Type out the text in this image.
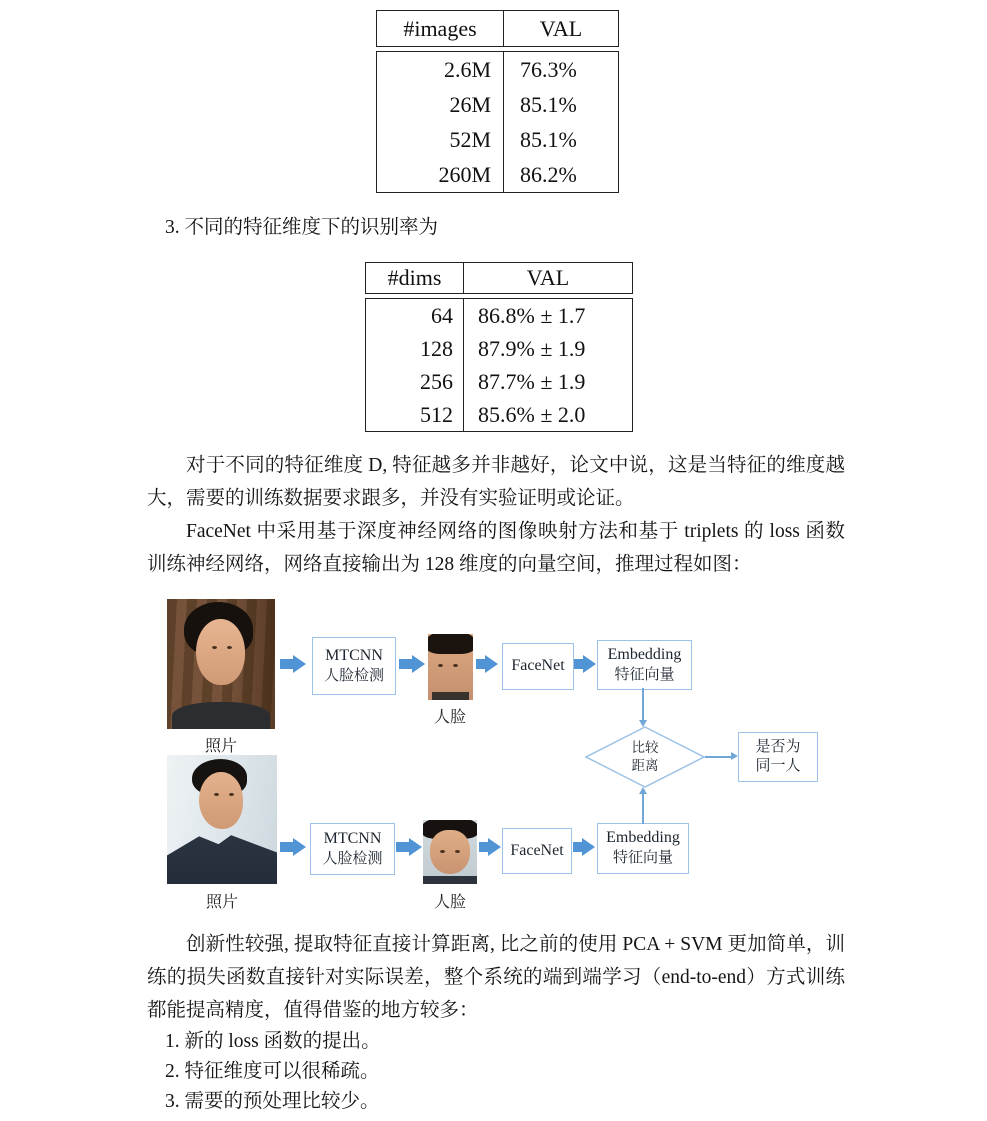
#images	VAL
2.6M	76.3%
26M	85.1%
52M	85.1%
260M	86.2%
3. 不同的特征维度下的识别率为
#dims	VAL
64	86.8% ± 1.7
128	87.9% ± 1.9
256	87.7% ± 1.9
512	85.6% ± 2.0
对于不同的特征维度 D, 特征越多并非越好，论文中说，这是当特征的维度越大，需要的训练数据要求跟多，并没有实验证明或论证。
FaceNet 中采用基于深度神经网络的图像映射方法和基于 triplets 的 loss 函数训练神经网络，网络直接输出为 128 维度的向量空间，推理过程如图：
照片
人脸
照片	人脸
MTCNN
人脸检测
FaceNet
Embedding
特征向量
MTCNN
人脸检测
FaceNet
Embedding
特征向量
比较
距离
是否为
同一人
创新性较强, 提取特征直接计算距离, 比之前的使用 PCA + SVM 更加简单，训练的损失函数直接针对实际误差，整个系统的端到端学习（end-to-end）方式训练都能提高精度，值得借鉴的地方较多：
1. 新的 loss 函数的提出。
2. 特征维度可以很稀疏。
3. 需要的预处理比较少。
